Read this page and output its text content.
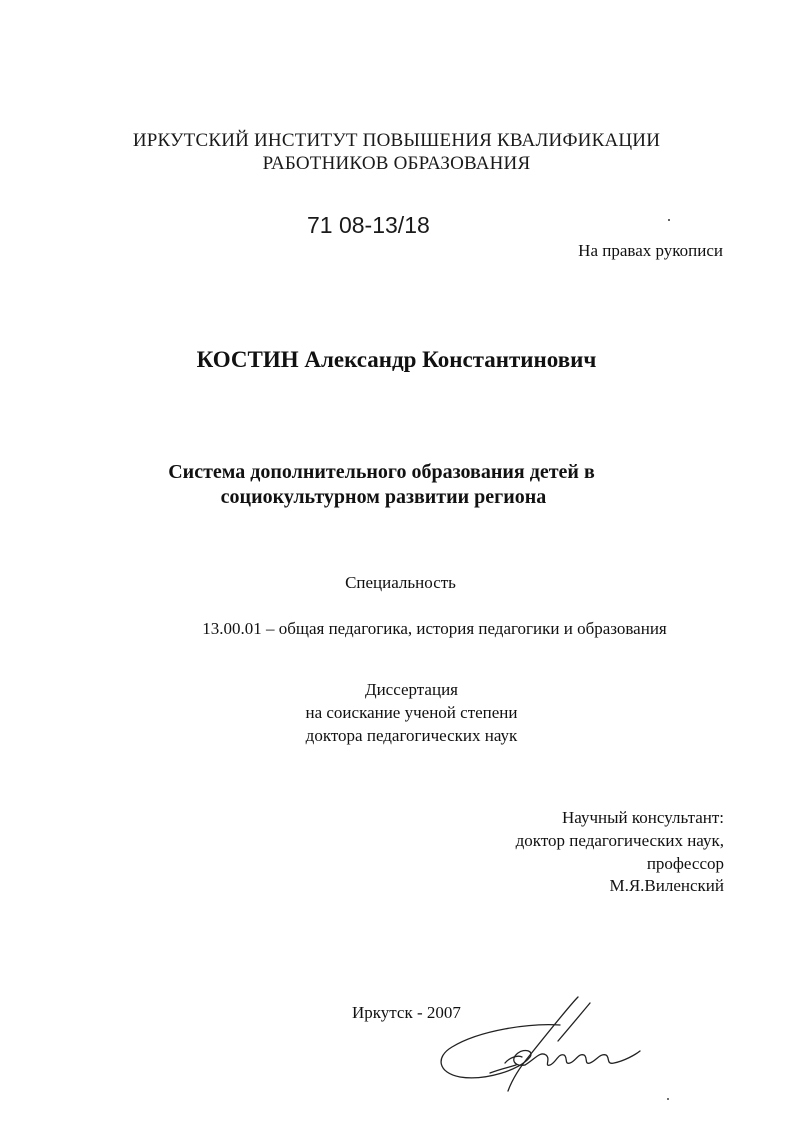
ИРКУТСКИЙ ИНСТИТУТ ПОВЫШЕНИЯ КВАЛИФИКАЦИИ
РАБОТНИКОВ ОБРАЗОВАНИЯ
71 08-13/18
На правах рукописи
КОСТИН Александр Константинович
Система дополнительного образования детей в
социокультурном развитии региона
Специальность
13.00.01 – общая педагогика, история педагогики и образования
Диссертация
на соискание ученой степени
доктора педагогических наук
Научный консультант:
доктор педагогических наук,
профессор
М.Я.Виленский
Иркутск - 2007
